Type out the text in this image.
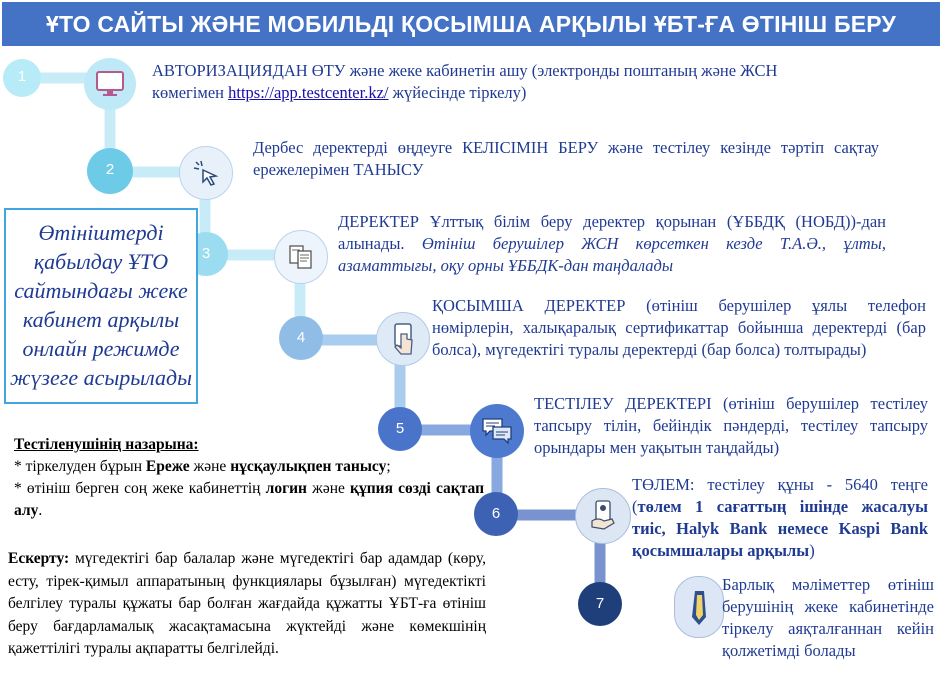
ҰТО САЙТЫ ЖӘНЕ МОБИЛЬДІ ҚОСЫМША АРҚЫЛЫ ҰБТ-ҒА ӨТІНІШ БЕРУ
1
2
3
4
5
6
7
АВТОРИЗАЦИЯДАН ӨТУ және жеке кабинетін ашу (электронды поштаның және ЖСН көмегімен https://app.testcenter.kz/ жүйесінде тіркелу)
Дербес деректерді өңдеуге КЕЛІСІМІН БЕРУ және тестілеу кезінде тәртіп сақтау ережелерімен ТАНЫСУ
ДЕРЕКТЕР Ұлттық білім беру деректер қорынан (ҰББДҚ (НОБД))-дан алынады. Өтініш берушілер ЖСН көрсеткен кезде Т.А.Ә., ұлты, азаматтығы, оқу орны ҰББДК-дан таңдалады
ҚОСЫМША ДЕРЕКТЕР (өтініш берушілер ұялы телефон нөмірлерін, халықаралық сертификаттар бойынша деректерді (бар болса), мүгедектігі туралы деректерді (бар болса) толтырады)
ТЕСТІЛЕУ ДЕРЕКТЕРІ (өтініш берушілер тестілеу тапсыру тілін, бейіндік пәндерді, тестілеу тапсыру орындары мен уақытын таңдайды)
ТӨЛЕМ: тестілеу құны - 5640 теңге (төлем 1 сағаттың ішінде жасалуы тиіс, Halyk Bank немесе Kaspi Bank қосымшалары арқылы)
Барлық мәліметтер өтініш берушінің жеке кабинетінде тіркелу аяқталғаннан кейін қолжетімді болады
Өтініштерді қабылдау ҰТО сайтындағы жеке кабинет арқылы онлайн режимде жүзеге асырылады
Тестіленушінің назарына:
* тіркелуден бұрын Ереже және нұсқаулықпен танысу;
* өтініш берген соң жеке кабинеттің логин және құпия сөзді сақтап алу.
Ескерту: мүгедектігі бар балалар және мүгедектігі бар адамдар (көру, есту, тірек-қимыл аппаратының функциялары бұзылған) мүгедектікті белгілеу туралы құжаты бар болған жағдайда құжатты ҰБТ-ға өтініш беру бағдарламалық жасақтамасына жүктейді және көмекшінің қажеттілігі туралы ақпаратты белгілейді.
